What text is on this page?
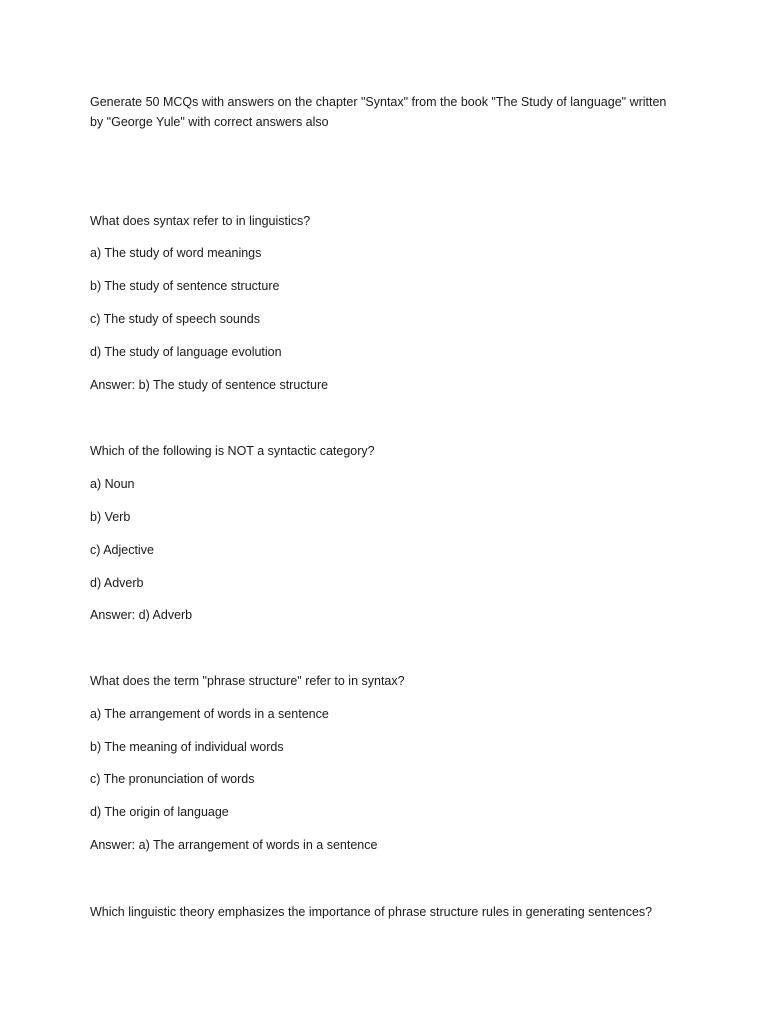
Generate 50 MCQs with answers on the chapter "Syntax" from the book "The Study of language" written
by "George Yule" with correct answers also
What does syntax refer to in linguistics?
a) The study of word meanings
b) The study of sentence structure
c) The study of speech sounds
d) The study of language evolution
Answer: b) The study of sentence structure
Which of the following is NOT a syntactic category?
a) Noun
b) Verb
c) Adjective
d) Adverb
Answer: d) Adverb
What does the term "phrase structure" refer to in syntax?
a) The arrangement of words in a sentence
b) The meaning of individual words
c) The pronunciation of words
d) The origin of language
Answer: a) The arrangement of words in a sentence
Which linguistic theory emphasizes the importance of phrase structure rules in generating sentences?
